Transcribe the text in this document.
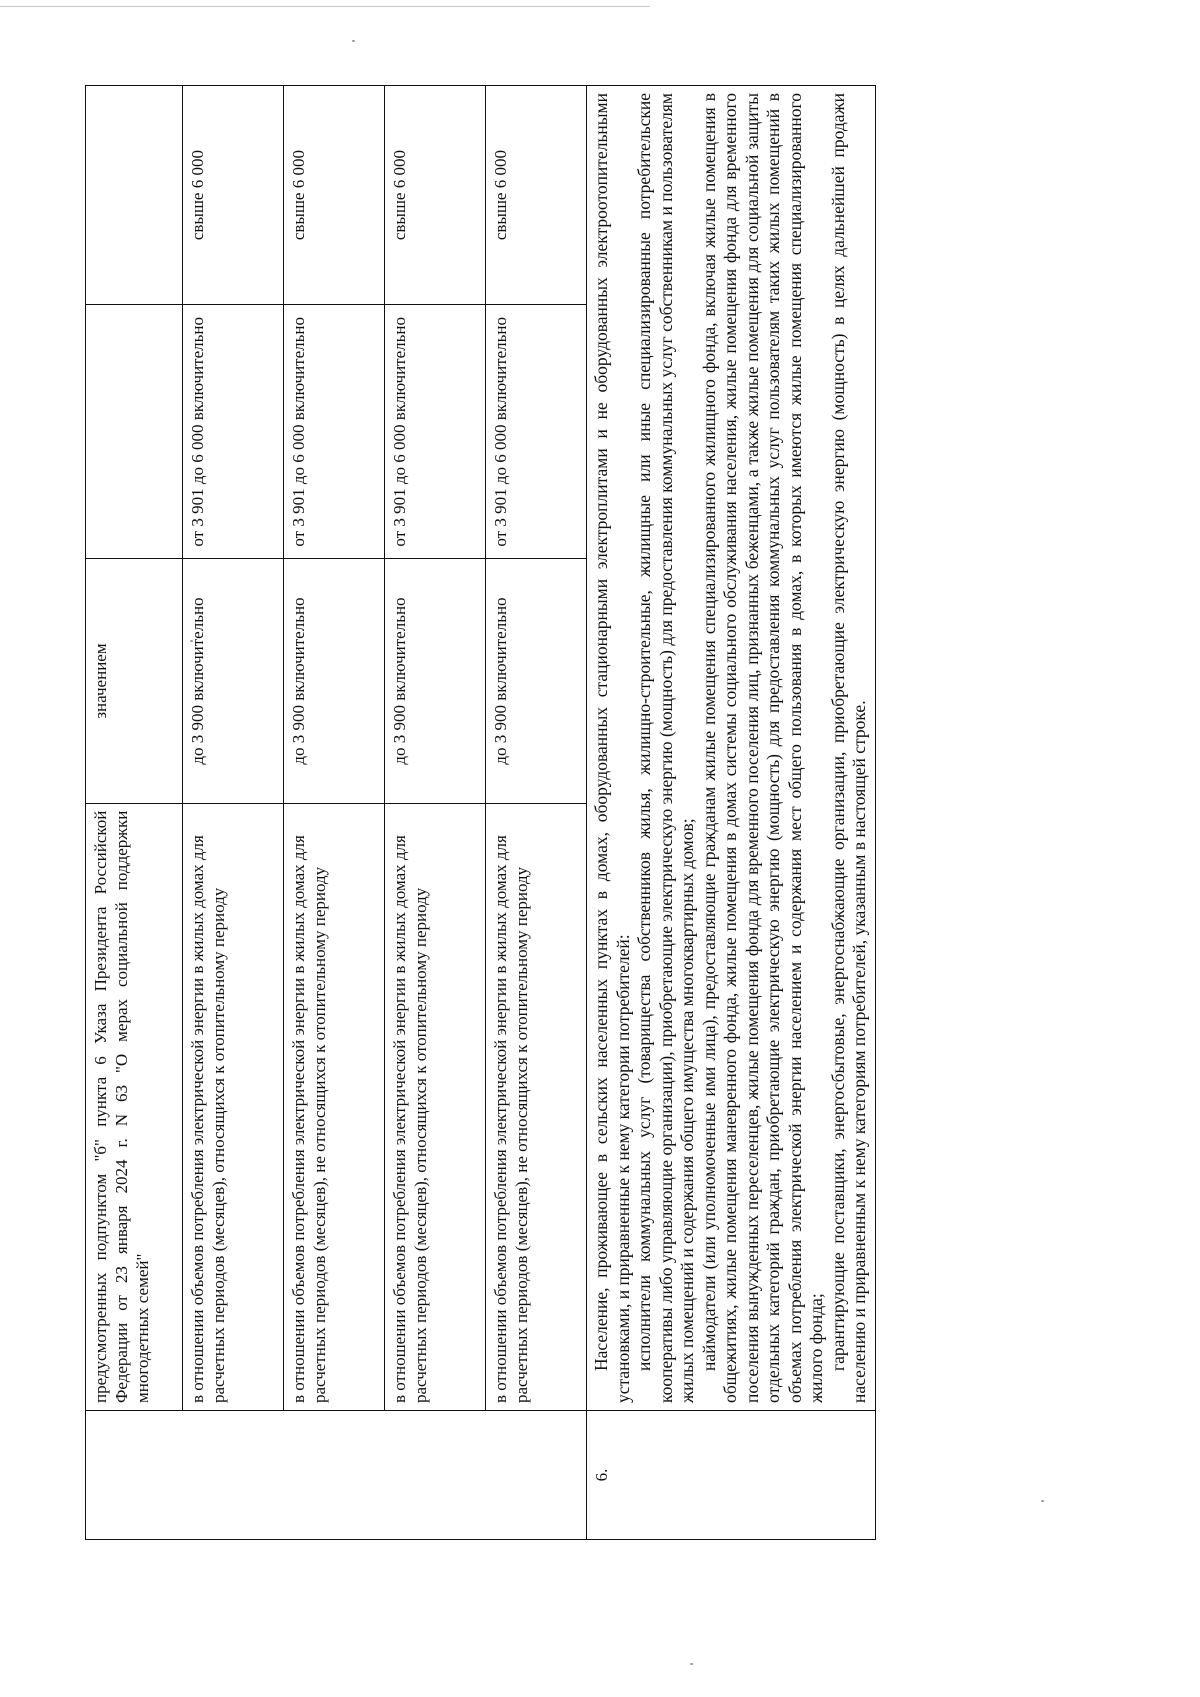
	предусмотренных подпунктом "б" пункта 6 Указа Президента Российской Федерации от 23 января 2024 г. N 63 "О мерах социальной поддержки многодетных семей"	значением		
	в отношении объемов потребления электрической энергии в жилых домах для расчетных периодов (месяцев), относящихся к отопительному периоду	до 3 900 включительно	от 3 901 до 6 000 включительно	свыше 6 000
	в отношении объемов потребления электрической энергии в жилых домах для расчетных периодов (месяцев), не относящихся к отопительному периоду	до 3 900 включительно	от 3 901 до 6 000 включительно	свыше 6 000
	в отношении объемов потребления электрической энергии в жилых домах для расчетных периодов (месяцев), относящихся к отопительному периоду	до 3 900 включительно	от 3 901 до 6 000 включительно	свыше 6 000
	в отношении объемов потребления электрической энергии в жилых домах для расчетных периодов (месяцев), не относящихся к отопительному периоду	до 3 900 включительно	от 3 901 до 6 000 включительно	свыше 6 000
6.	Население, проживающее в сельских населенных пунктах в домах, оборудованных стационарными электроплитами и не оборудованных электроотопительными установками, и приравненные к нему категории потребителей: исполнители коммунальных услуг (товарищества собственников жилья, жилищно-строительные, жилищные или иные специализированные потребительские кооперативы либо управляющие организации), приобретающие электрическую энергию (мощность) для предоставления коммунальных услуг собственникам и пользователям жилых помещений и содержания общего имущества многоквартирных домов; наймодатели (или уполномоченные ими лица), предоставляющие гражданам жилые помещения специализированного жилищного фонда, включая жилые помещения в общежитиях, жилые помещения маневренного фонда, жилые помещения в домах системы социального обслуживания населения, жилые помещения фонда для временного поселения вынужденных переселенцев, жилые помещения фонда для временного поселения лиц, признанных беженцами, а также жилые помещения для социальной защиты отдельных категорий граждан, приобретающие электрическую энергию (мощность) для предоставления коммунальных услуг пользователям таких жилых помещений в объемах потребления электрической энергии населением и содержания мест общего пользования в домах, в которых имеются жилые помещения специализированного жилого фонда; гарантирующие поставщики, энергосбытовые, энергоснабжающие организации, приобретающие электрическую энергию (мощность) в целях дальнейшей продажи населению и приравненным к нему категориям потребителей, указанным в настоящей строке.			
